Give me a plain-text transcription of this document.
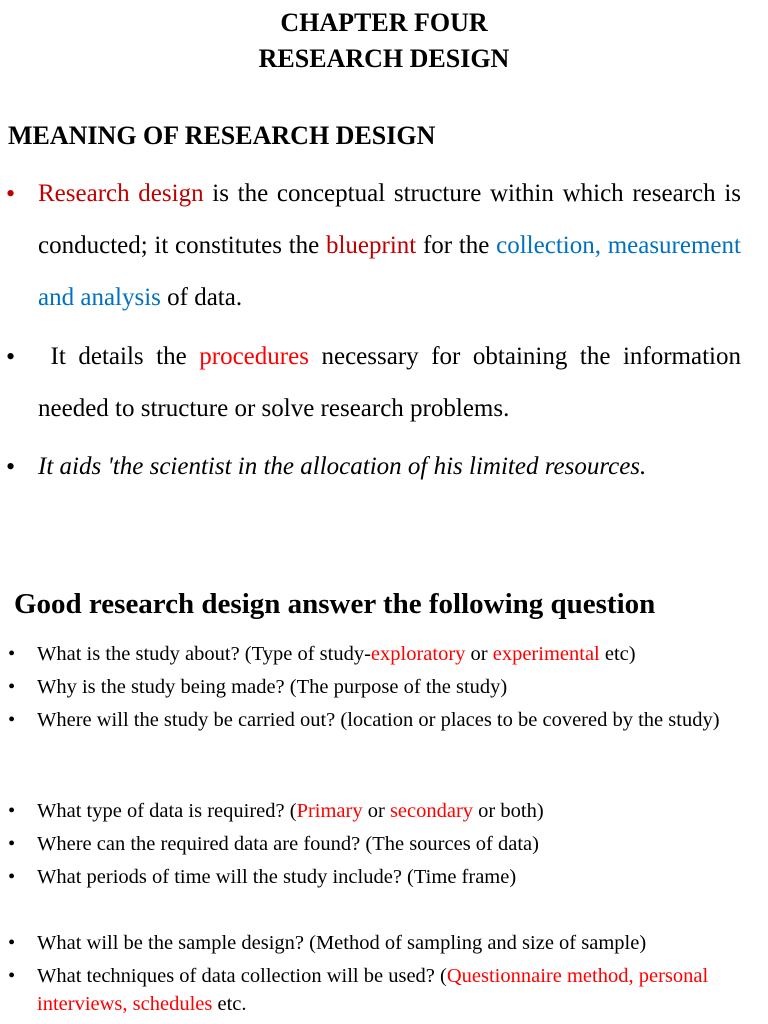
CHAPTER FOUR
RESEARCH DESIGN
MEANING OF RESEARCH DESIGN
• Research design is the conceptual structure within which research is conducted; it constitutes the blueprint for the collection, measurement and analysis of data.
•	It details the procedures necessary for obtaining the information needed to structure or solve research problems.
• It aids 'the scientist in the allocation of his limited resources.
Good research design answer the following question
• What is the study about? (Type of study-exploratory or experimental etc)
• Why is the study being made? (The purpose of the study)
• Where will the study be carried out? (location or places to be covered by the study)
• What type of data is required? (Primary or secondary or both)
• Where can the required data are found? (The sources of data)
• What periods of time will the study include? (Time frame)
• What will be the sample design? (Method of sampling and size of sample)
• What techniques of data collection will be used? (Questionnaire method, personal interviews, schedules etc.
